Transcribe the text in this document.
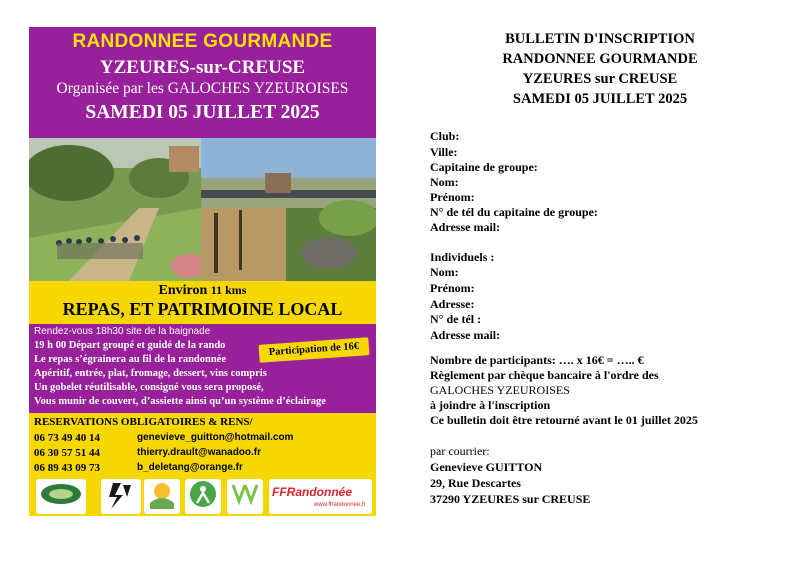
RANDONNEE GOURMANDE
YZEURES-sur-CREUSE
Organisée par les GALOCHES YZEUROISES
SAMEDI 05 JUILLET 2025
Environ 11 kms
REPAS, ET PATRIMOINE LOCAL
Rendez-vous 18h30 site de la baignade
19 h 00 Départ groupé et guidé de la rando
Le repas s’égrainera au fil de la randonnée
Apéritif, entrée, plat, fromage, dessert, vins compris
Un gobelet réutilisable, consigné vous sera proposé,
Vous munir de couvert, d’assiette ainsi qu’un système d’éclairage
Participation de 16€
RESERVATIONS OBLIGATOIRES & RENS/
06 73 49 40 14	genevieve_guitton@hotmail.com
06 30 57 51 44	thierry.drault@wanadoo.fr
06 89 43 09 73	b_deletang@orange.fr
FFRandonnée
www.ffrandonnee.fr
BULLETIN D'INSCRIPTION
RANDONNEE GOURMANDE
YZEURES sur CREUSE
SAMEDI 05 JUILLET 2025
Club:
Ville:
Capitaine de groupe:
Nom:
Prénom:
N° de tél du capitaine de groupe:
Adresse mail:
Individuels :
Nom:
Prénom:
Adresse:
N° de tél :
Adresse mail:
Nombre de participants: …. x 16€ = ….. €
Règlement par chèque bancaire à l'ordre des
GALOCHES YZEUROISES
à joindre à l'inscription
Ce bulletin doit être retourné avant le 01 juillet 2025
par courrier:
Genevieve GUITTON
29, Rue Descartes
37290 YZEURES sur CREUSE
